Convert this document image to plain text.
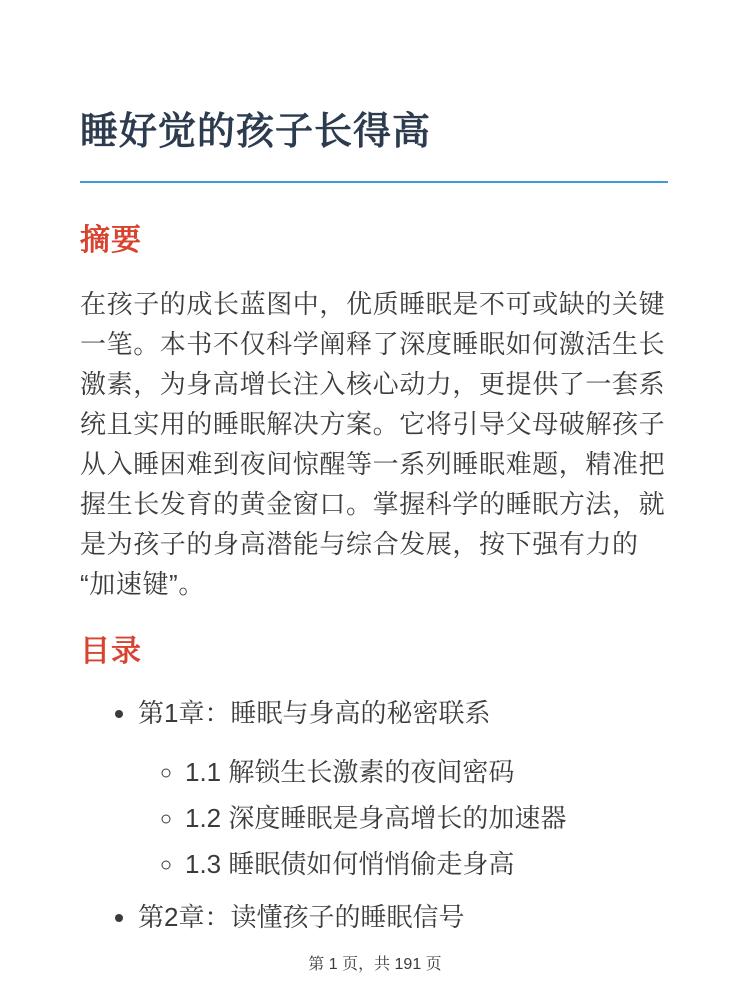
睡好觉的孩子长得高
摘要

在孩子的成长蓝图中，优质睡眠是不可或缺的关键一笔。本书不仅科学阐释了深度睡眠如何激活生长激素，为身高增长注入核心动力，更提供了一套系统且实用的睡眠解决方案。它将引导父母破解孩子从入睡困难到夜间惊醒等一系列睡眠难题，精准把握生长发育的黄金窗口。掌握科学的睡眠方法，就是为孩子的身高潜能与综合发展，按下强有力的“加速键”。

目录
• 第1章：睡眠与身高的秘密联系
◦ 1.1 解锁生长激素的夜间密码
◦ 1.2 深度睡眠是身高增长的加速器
◦ 1.3 睡眠债如何悄悄偷走身高
• 第2章：读懂孩子的睡眠信号
第 1 页，共 191 页
